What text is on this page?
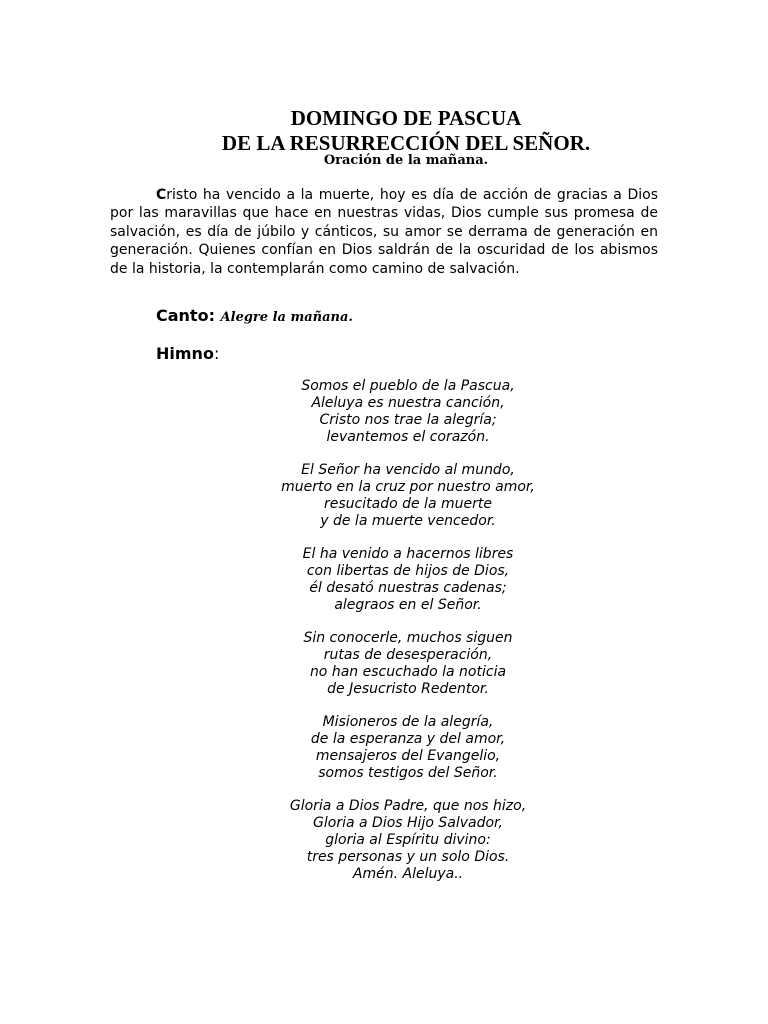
DOMINGO DE PASCUA
DE LA RESURRECCIÓN DEL SEÑOR.
Oración de la mañana.

Cristo ha vencido a la muerte, hoy es día de acción de gracias a Dios por las maravillas que hace en nuestras vidas, Dios cumple sus promesa de salvación, es día de júbilo y cánticos, su amor se derrama de generación en generación. Quienes confían en Dios saldrán de la oscuridad de los abismos de la historia, la contemplarán como camino de salvación.

Canto: Alegre la mañana.
Himno:
Somos el pueblo de la Pascua,
Aleluya es nuestra canción,
Cristo nos trae la alegría;
levantemos el corazón.
El Señor ha vencido al mundo,
muerto en la cruz por nuestro amor,
resucitado de la muerte
y de la muerte vencedor.
El ha venido a hacernos libres
con libertas de hijos de Dios,
él desató nuestras cadenas;
alegraos en el Señor.
Sin conocerle, muchos siguen
rutas de desesperación,
no han escuchado la noticia
de Jesucristo Redentor.
Misioneros de la alegría,
de la esperanza y del amor,
mensajeros del Evangelio,
somos testigos del Señor.
Gloria a Dios Padre, que nos hizo,
Gloria a Dios Hijo Salvador,
gloria al Espíritu divino:
tres personas y un solo Dios.
Amén. Aleluya..
